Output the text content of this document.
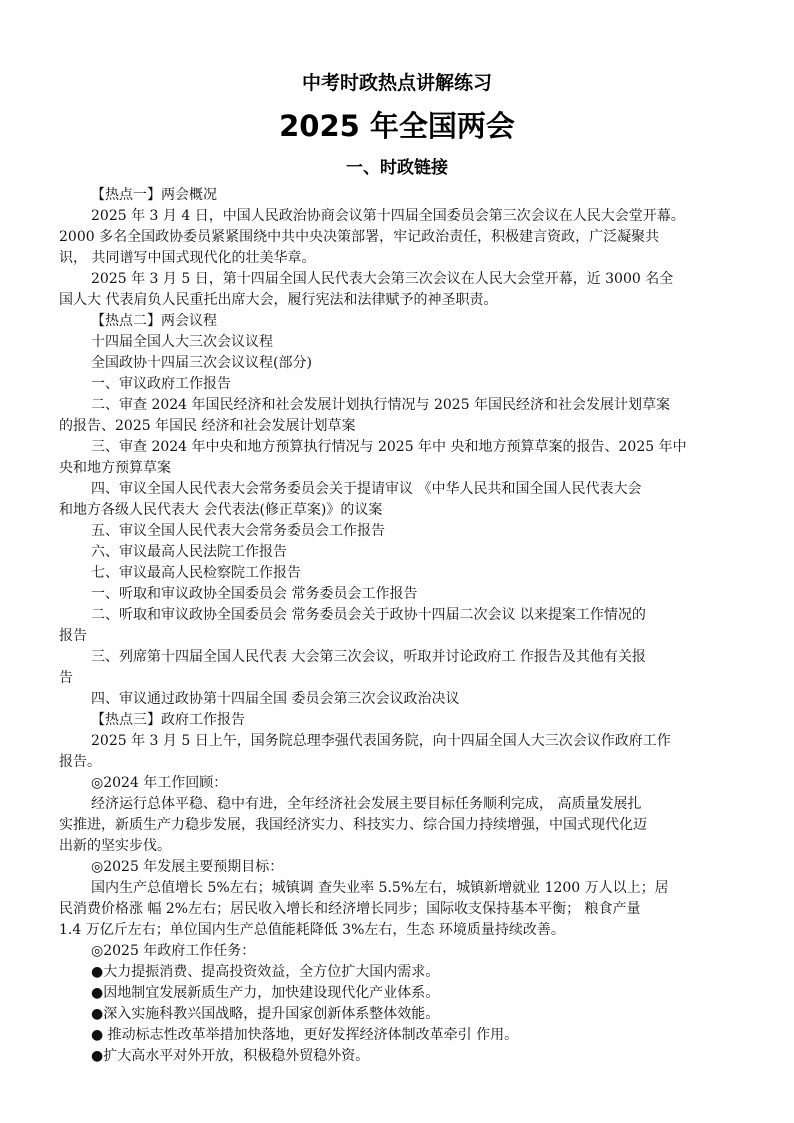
中考时政热点讲解练习
2025 年全国两会
一、时政链接
【热点一】两会概况
2025 年 3 月 4 日，中国人民政治协商会议第十四届全国委员会第三次会议在人民大会堂开幕。
2000 多名全国政协委员紧紧围绕中共中央决策部署，牢记政治责任，积极建言资政，广泛凝聚共
识， 共同谱写中国式现代化的壮美华章。
2025 年 3 月 5 日，第十四届全国人民代表大会第三次会议在人民大会堂开幕，近 3000 名全
国人大 代表肩负人民重托出席大会，履行宪法和法律赋予的神圣职责。
【热点二】两会议程
十四届全国人大三次会议议程
全国政协十四届三次会议议程(部分)
一、审议政府工作报告
二、审查 2024 年国民经济和社会发展计划执行情况与 2025 年国民经济和社会发展计划草案
的报告、2025 年国民 经济和社会发展计划草案
三、审查 2024 年中央和地方预算执行情况与 2025 年中 央和地方预算草案的报告、2025 年中
央和地方预算草案
四、审议全国人民代表大会常务委员会关于提请审议 《中华人民共和国全国人民代表大会
和地方各级人民代表大 会代表法(修正草案)》的议案
五、审议全国人民代表大会常务委员会工作报告
六、审议最高人民法院工作报告
七、审议最高人民检察院工作报告
一、听取和审议政协全国委员会 常务委员会工作报告
二、听取和审议政协全国委员会 常务委员会关于政协十四届二次会议 以来提案工作情况的
报告
三、列席第十四届全国人民代表 大会第三次会议，听取并讨论政府工 作报告及其他有关报
告
四、审议通过政协第十四届全国 委员会第三次会议政治决议
【热点三】政府工作报告
2025 年 3 月 5 日上午，国务院总理李强代表国务院，向十四届全国人大三次会议作政府工作
报告。
◎2024 年工作回顾：
经济运行总体平稳、稳中有进，全年经济社会发展主要目标任务顺利完成， 高质量发展扎
实推进，新质生产力稳步发展，我国经济实力、科技实力、综合国力持续增强，中国式现代化迈
出新的坚实步伐。
◎2025 年发展主要预期目标：
国内生产总值增长 5%左右；城镇调 查失业率 5.5%左右，城镇新增就业 1200 万人以上；居
民消费价格涨 幅 2%左右；居民收入增长和经济增长同步；国际收支保持基本平衡； 粮食产量
1.4 万亿斤左右；单位国内生产总值能耗降低 3%左右，生态 环境质量持续改善。
◎2025 年政府工作任务：
●大力提振消费、提高投资效益，全方位扩大国内需求。
●因地制宜发展新质生产力，加快建设现代化产业体系。
●深入实施科教兴国战略，提升国家创新体系整体效能。
● 推动标志性改革举措加快落地，更好发挥经济体制改革牵引 作用。
●扩大高水平对外开放，积极稳外贸稳外资。
